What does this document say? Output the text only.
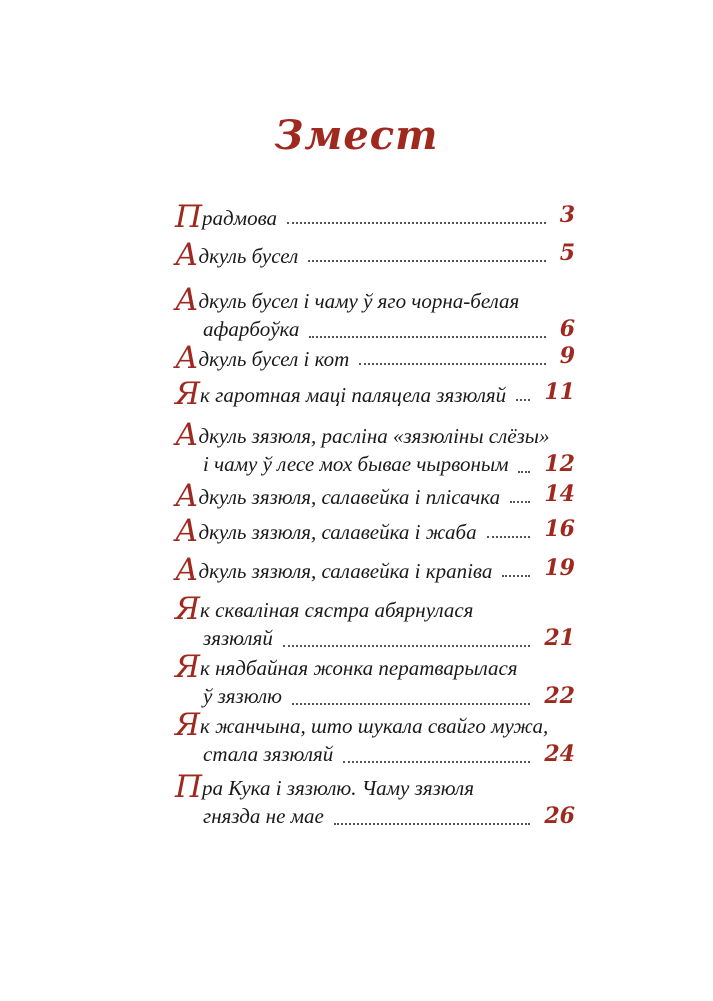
Змест
Прадмова	3
Адкуль бусел	5
Адкуль бусел і чаму ў яго чорна-белая
афарбоўка	6
Адкуль бусел і кот	9
Як гаротная маці паляцела зязюляй 11
Адкуль зязюля, расліна «зязюліны слёзы»
і чаму ў лесе мох бывае чырвоным 12
Адкуль зязюля, салавейка і плісачка 14
Адкуль зязюля, салавейка і жаба	16
Адкуль зязюля, салавейка і крапіва 19
Як скваліная сястра абярнулася
зязюляй	21
Як нядбайная жонка ператварылася
ў зязюлю	22
Як жанчына, што шукала свайго мужа,
стала зязюляй	24
Пра Кука і зязюлю. Чаму зязюля
гнязда не мае	26
